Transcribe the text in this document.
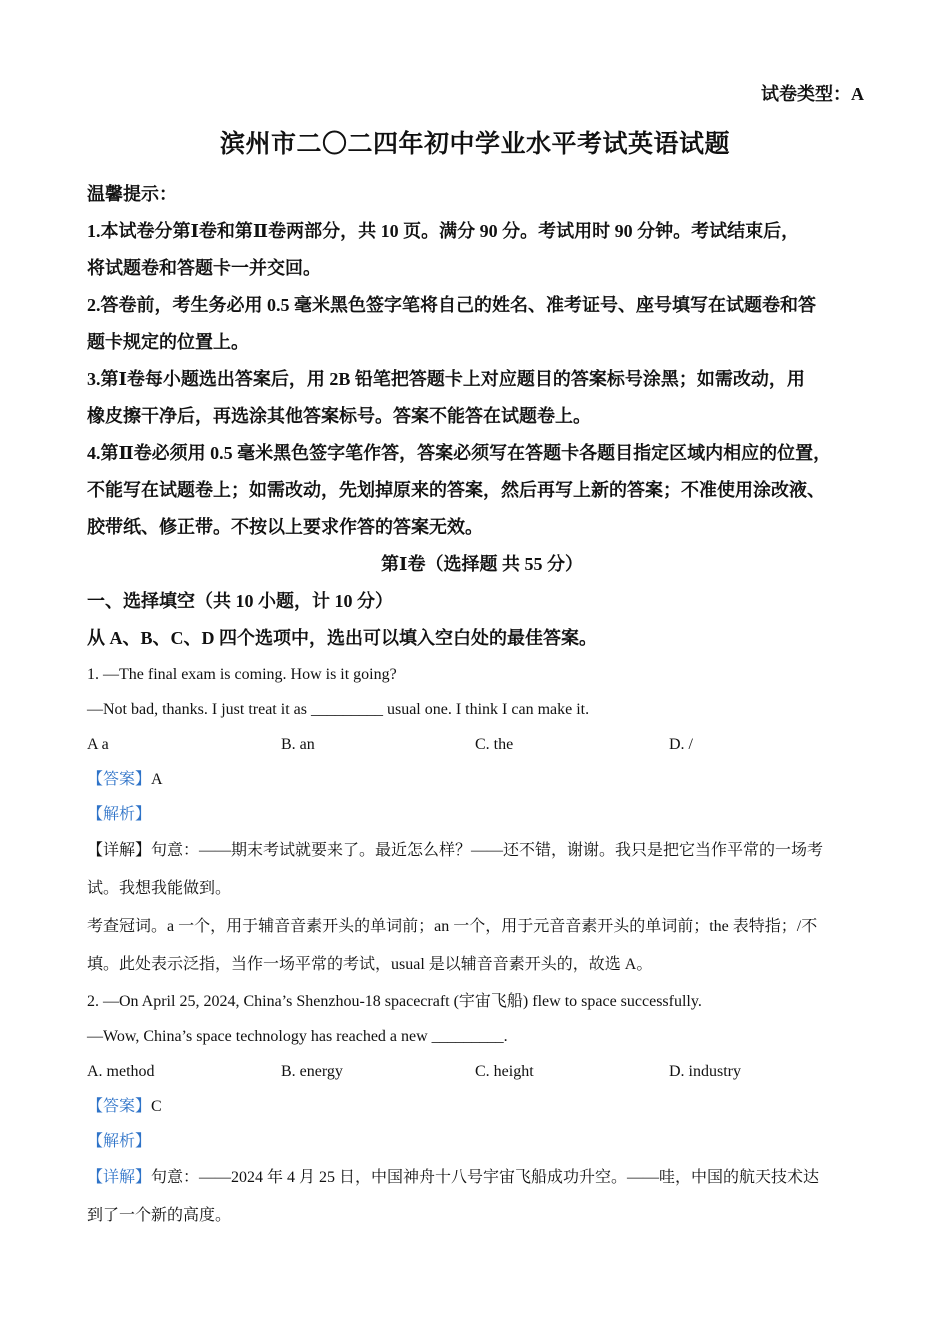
试卷类型：A
滨州市二〇二四年初中学业水平考试英语试题
温馨提示：
1.本试卷分第Ⅰ卷和第Ⅱ卷两部分，共 10 页。满分 90 分。考试用时 90 分钟。考试结束后，
将试题卷和答题卡一并交回。
2.答卷前，考生务必用 0.5 毫米黑色签字笔将自己的姓名、准考证号、座号填写在试题卷和答
题卡规定的位置上。
3.第Ⅰ卷每小题选出答案后，用 2B 铅笔把答题卡上对应题目的答案标号涂黑；如需改动，用
橡皮擦干净后，再选涂其他答案标号。答案不能答在试题卷上。
4.第Ⅱ卷必须用 0.5 毫米黑色签字笔作答，答案必须写在答题卡各题目指定区域内相应的位置，
不能写在试题卷上；如需改动，先划掉原来的答案，然后再写上新的答案；不准使用涂改液、
胶带纸、修正带。不按以上要求作答的答案无效。
第Ⅰ卷（选择题 共 55 分）
一、选择填空（共 10 小题，计 10 分）
从 A、B、C、D 四个选项中，选出可以填入空白处的最佳答案。
1. —The final exam is coming. How is it going?
—Not bad, thanks. I just treat it as _________ usual one. I think I can make it.
A a	B. an	C. the	D. /
【答案】A
【解析】
【详解】句意：——期末考试就要来了。最近怎么样？——还不错，谢谢。我只是把它当作平常的一场考
试。我想我能做到。
考查冠词。a 一个，用于辅音音素开头的单词前；an 一个，用于元音音素开头的单词前；the 表特指；/不
填。此处表示泛指，当作一场平常的考试，usual 是以辅音音素开头的，故选 A。
2. —On April 25, 2024, China’s Shenzhou-18 spacecraft (宇宙飞船) flew to space successfully.
—Wow, China’s space technology has reached a new _________.
A. method	B. energy	C. height	D. industry
【答案】C
【解析】
【详解】句意：——2024 年 4 月 25 日，中国神舟十八号宇宙飞船成功升空。——哇，中国的航天技术达
到了一个新的高度。
